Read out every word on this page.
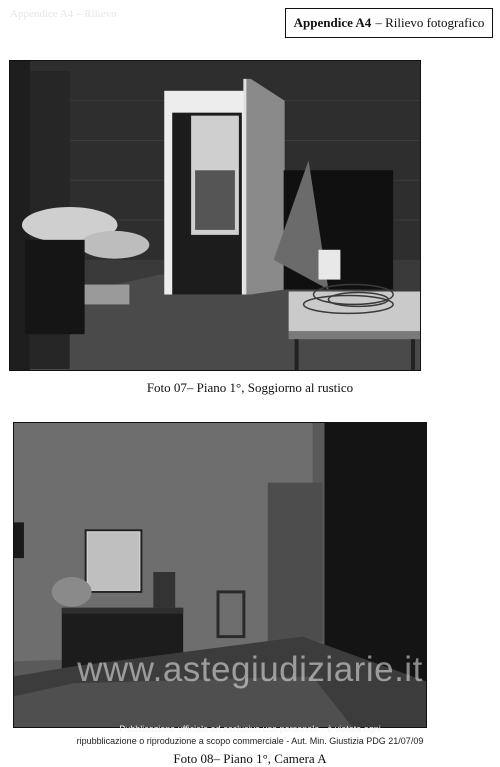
Appendice A4 – Rilievo
Appendice A4 – Rilievo fotografico
Foto 07– Piano 1°, Soggiorno al rustico
www.astegiudiziarie.it
Pubblicazione ufficiale ad esclusivo uso personale - è vietata ogni
ripubblicazione o riproduzione a scopo commerciale - Aut. Min. Giustizia PDG 21/07/09
Foto 08– Piano 1°, Camera A
